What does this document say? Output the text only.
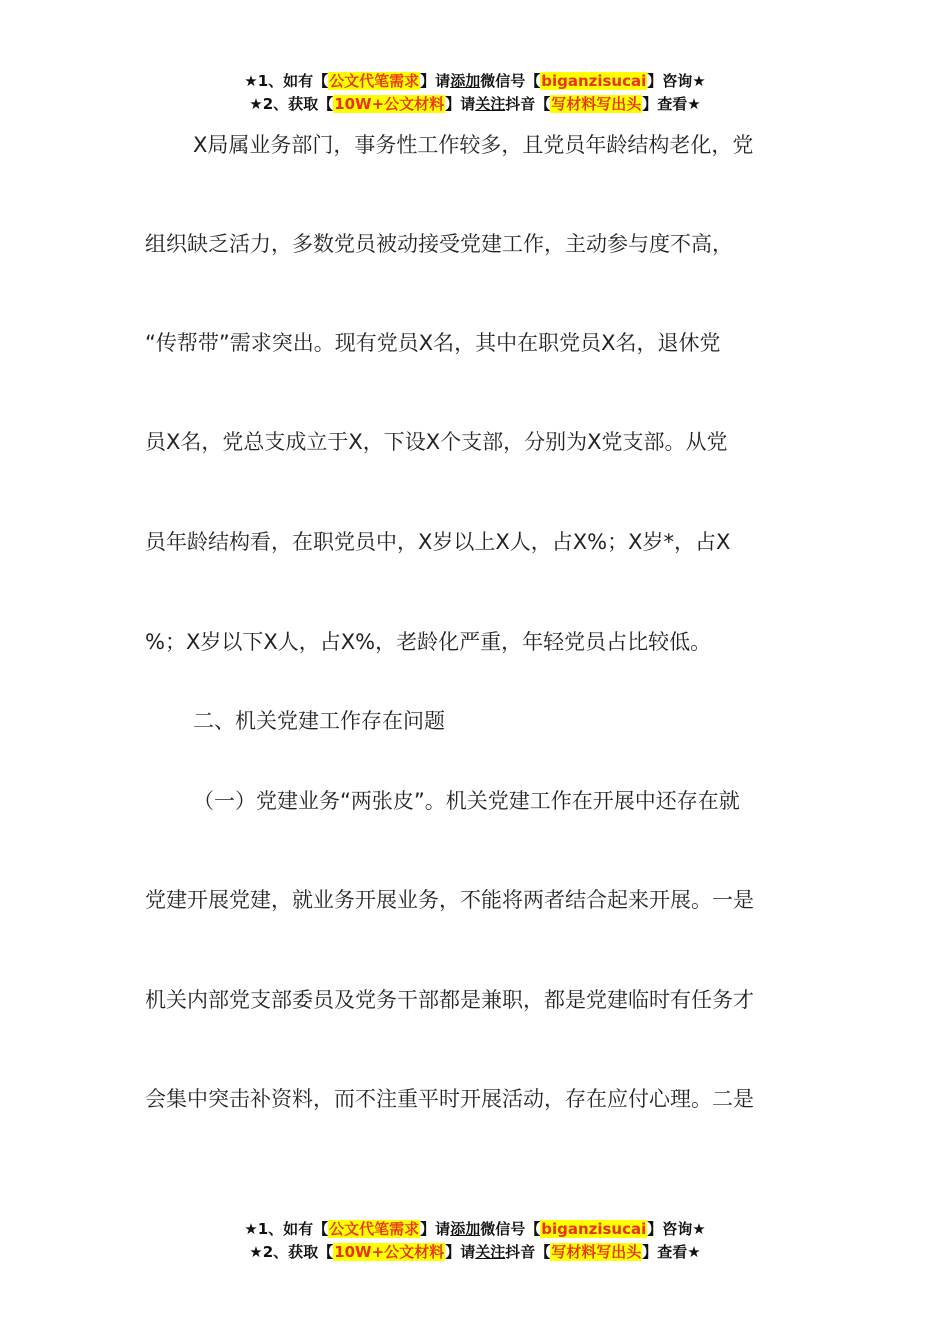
★1、如有【公文代笔需求】请添加微信号【biganzisucai】咨询★
★2、获取【10W+公文材料】请关注抖音【写材料写出头】查看★
X局属业务部门，事务性工作较多，且党员年龄结构老化，党
组织缺乏活力，多数党员被动接受党建工作，主动参与度不高，
“传帮带”需求突出。现有党员X名，其中在职党员X名，退休党
员X名，党总支成立于X，下设X个支部，分别为X党支部。从党
员年龄结构看，在职党员中，X岁以上X人，占X%；X岁*，占X
%；X岁以下X人，占X%，老龄化严重，年轻党员占比较低。
二、机关党建工作存在问题
（一）党建业务“两张皮”。机关党建工作在开展中还存在就
党建开展党建，就业务开展业务，不能将两者结合起来开展。一是
机关内部党支部委员及党务干部都是兼职，都是党建临时有任务才
会集中突击补资料，而不注重平时开展活动，存在应付心理。二是
★1、如有【公文代笔需求】请添加微信号【biganzisucai】咨询★
★2、获取【10W+公文材料】请关注抖音【写材料写出头】查看★
